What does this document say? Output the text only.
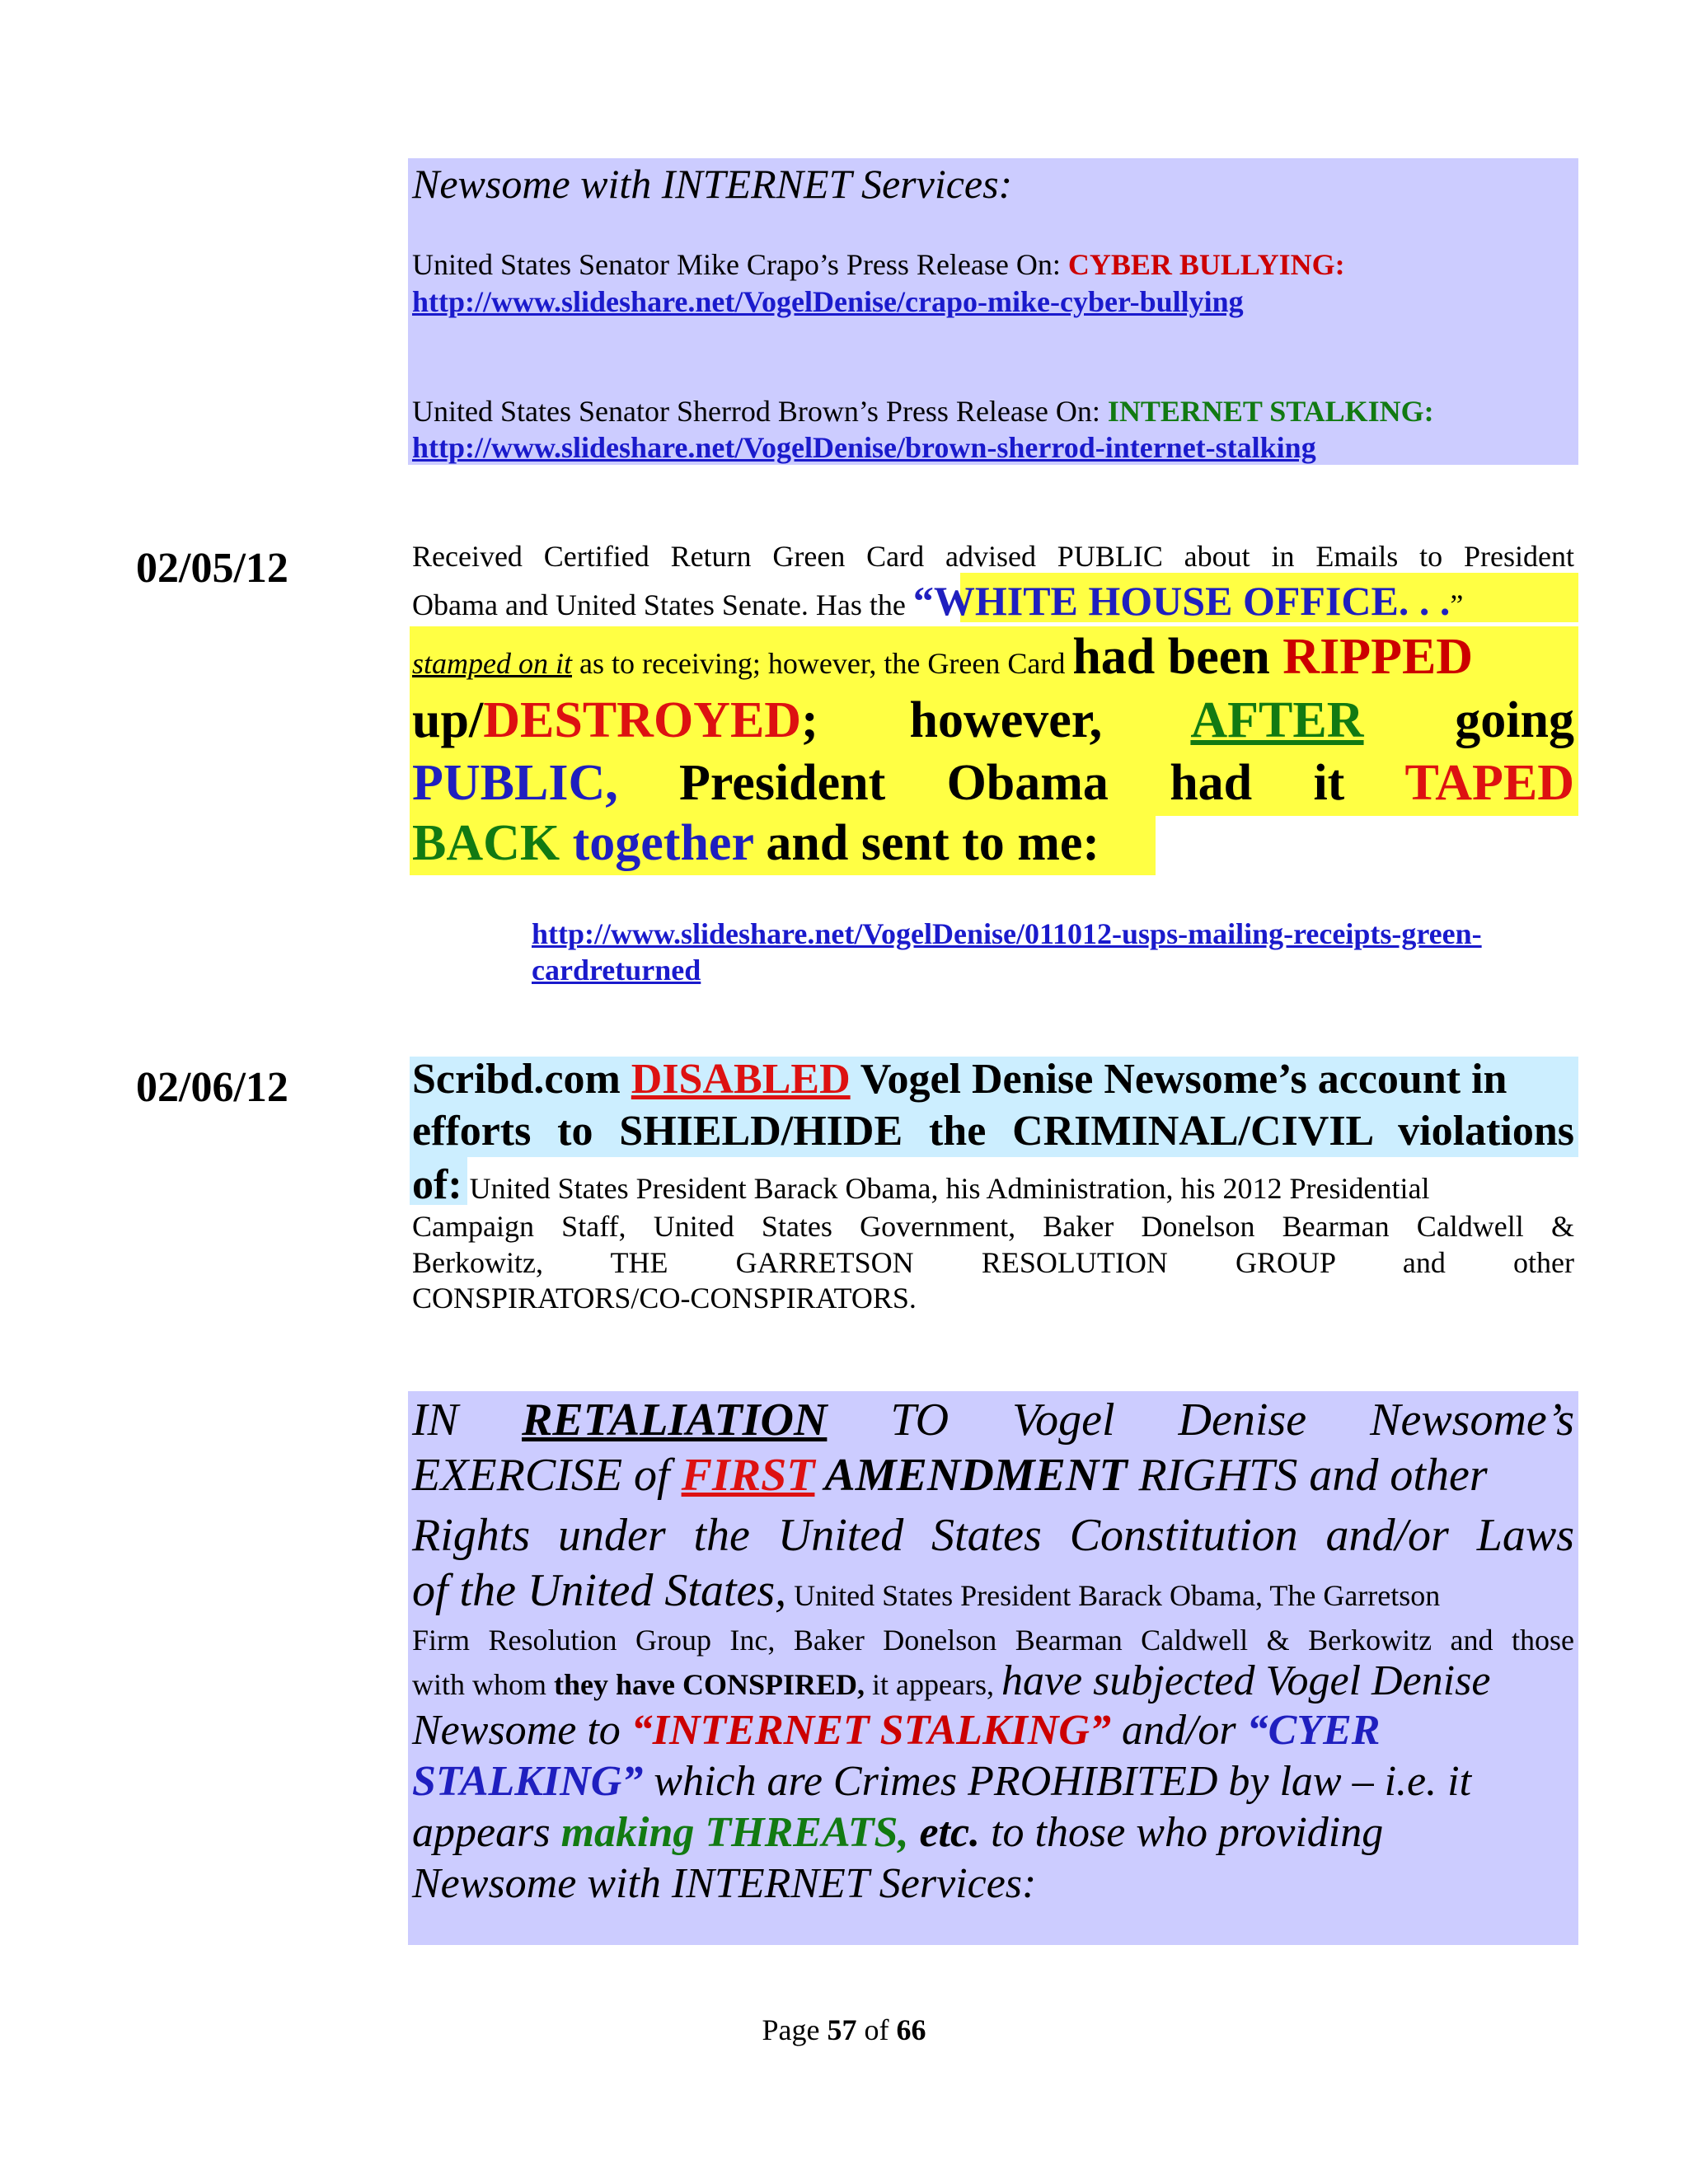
Newsome with INTERNET Services:
United States Senator Mike Crapo’s Press Release On: CYBER BULLYING:
http://www.slideshare.net/VogelDenise/crapo-mike-cyber-bullying
United States Senator Sherrod Brown’s Press Release On: INTERNET STALKING:
http://www.slideshare.net/VogelDenise/brown-sherrod-internet-stalking
02/05/12	Received Certified Return Green Card advised PUBLIC about in Emails to President
Obama and United States Senate. Has the “WHITE HOUSE OFFICE. . .”
stamped on it as to receiving; however, the Green Card had been RIPPED
up/DESTROYED; however, AFTER going
PUBLIC, President Obama had it TAPED
BACK together and sent to me:
http://www.slideshare.net/VogelDenise/011012-usps-mailing-receipts-green-
cardreturned
02/06/12	Scribd.com DISABLED Vogel Denise Newsome’s account in
efforts to SHIELD/HIDE the CRIMINAL/CIVIL violations
of: United States President Barack Obama, his Administration, his 2012 Presidential
Campaign Staff, United States Government, Baker Donelson Bearman Caldwell &
Berkowitz, THE GARRETSON RESOLUTION GROUP and other
CONSPIRATORS/CO-CONSPIRATORS.
IN RETALIATION TO Vogel Denise Newsome’s
EXERCISE of FIRST AMENDMENT RIGHTS and other
Rights under the United States Constitution and/or Laws
of the United States, United States President Barack Obama, The Garretson
Firm Resolution Group Inc, Baker Donelson Bearman Caldwell & Berkowitz and those
with whom they have CONSPIRED, it appears, have subjected Vogel Denise
Newsome to “INTERNET STALKING” and/or “CYER
STALKING” which are Crimes PROHIBITED by law – i.e. it
appears making THREATS, etc. to those who providing
Newsome with INTERNET Services:
Page 57 of 66
